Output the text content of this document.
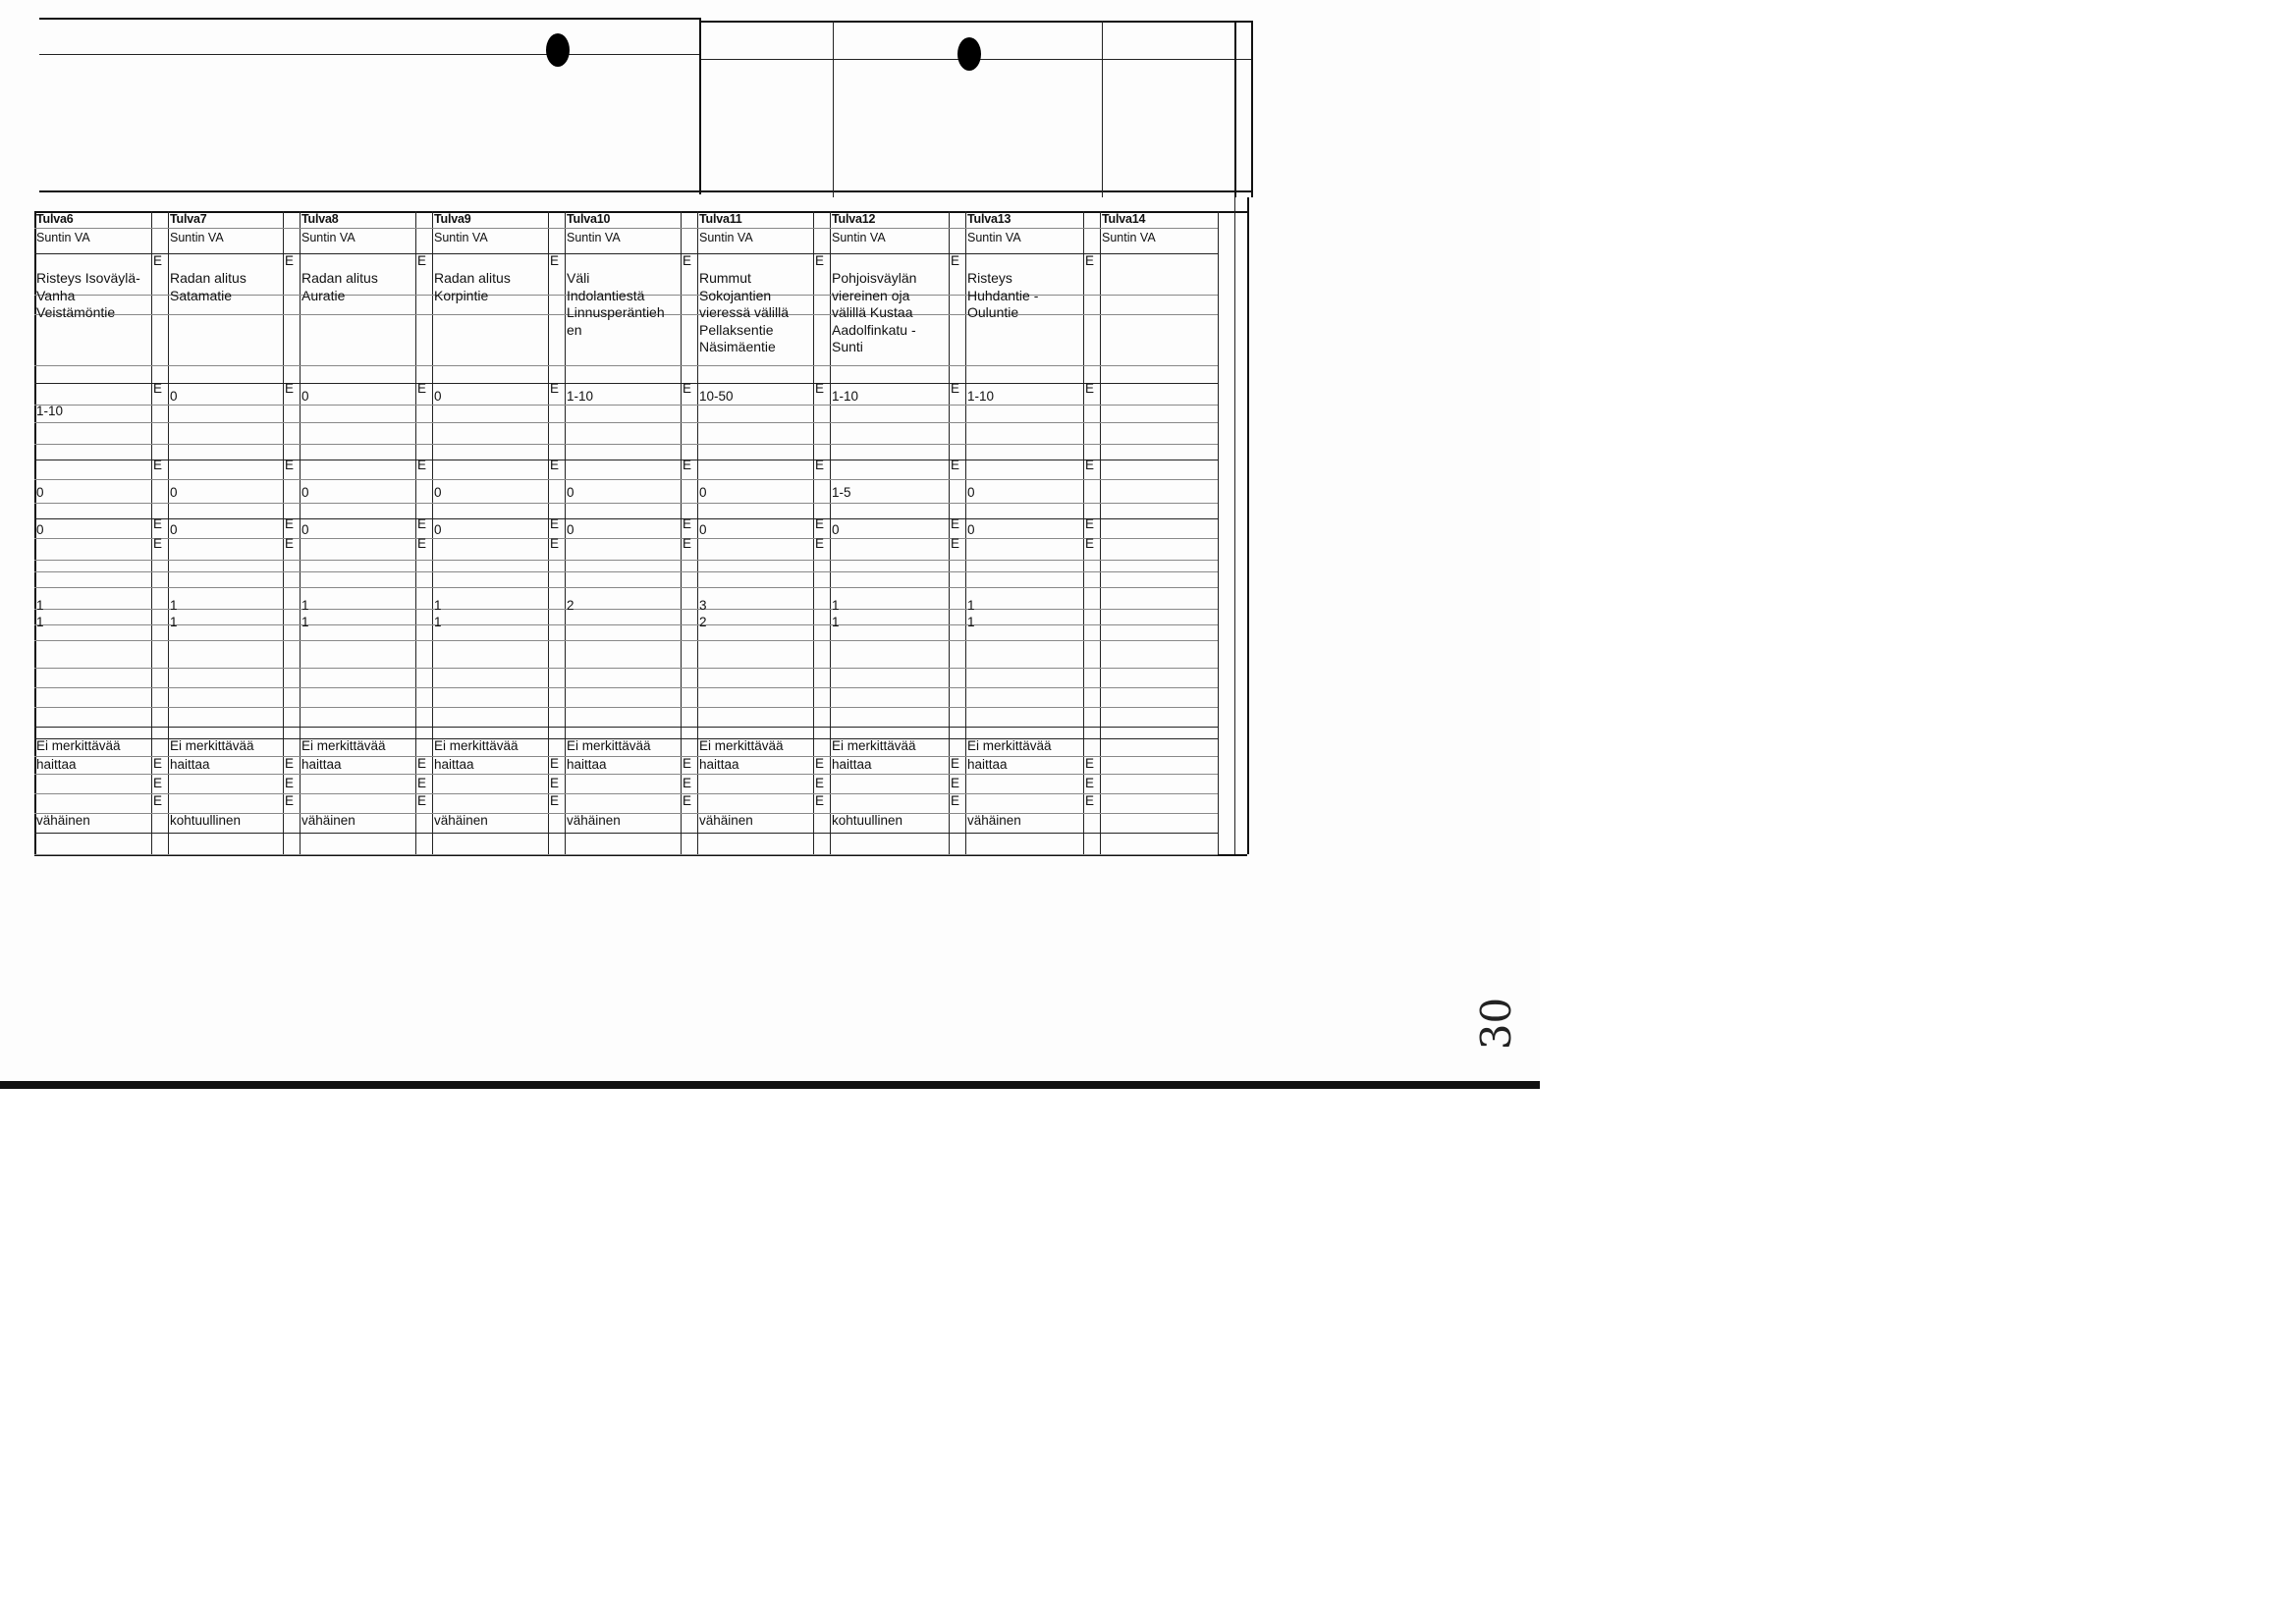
Tulva6
Suntin VA
Risteys Isoväylä-
Vanha
Veistämöntie
1-10
0
0
1
1
Ei merkittävää
haittaa
vähäinen
E
E
E
E
E
E
E
E
Tulva7
Suntin VA
Radan alitus
Satamatie
0
0
0
1
1
Ei merkittävää
haittaa
kohtuullinen
E
E
E
E
E
E
E
E
Tulva8
Suntin VA
Radan alitus
Auratie
0
0
0
1
1
Ei merkittävää
haittaa
vähäinen
E
E
E
E
E
E
E
E
Tulva9
Suntin VA
Radan alitus
Korpintie
0
0
0
1
1
Ei merkittävää
haittaa
vähäinen
E
E
E
E
E
E
E
E
Tulva10
Suntin VA
Väli
Indolantiestä
Linnusperäntieh
en
1-10
0
0
2
Ei merkittävää
haittaa
vähäinen
E
E
E
E
E
E
E
E
Tulva11
Suntin VA
Rummut
Sokojantien
vieressä välillä
Pellaksentie
Näsimäentie
10-50
0
0
3
2
Ei merkittävää
haittaa
vähäinen
E
E
E
E
E
E
E
E
Tulva12
Suntin VA
Pohjoisväylän
viereinen oja
välillä Kustaa
Aadolfinkatu -
Sunti
1-10
1-5
0
1
1
Ei merkittävää
haittaa
kohtuullinen
E
E
E
E
E
E
E
E
Tulva13
Suntin VA
Risteys
Huhdantie -
Ouluntie
1-10
0
0
1
1
Ei merkittävää
haittaa
vähäinen
E
E
E
E
E
E
E
E
Tulva14
Suntin VA
30
